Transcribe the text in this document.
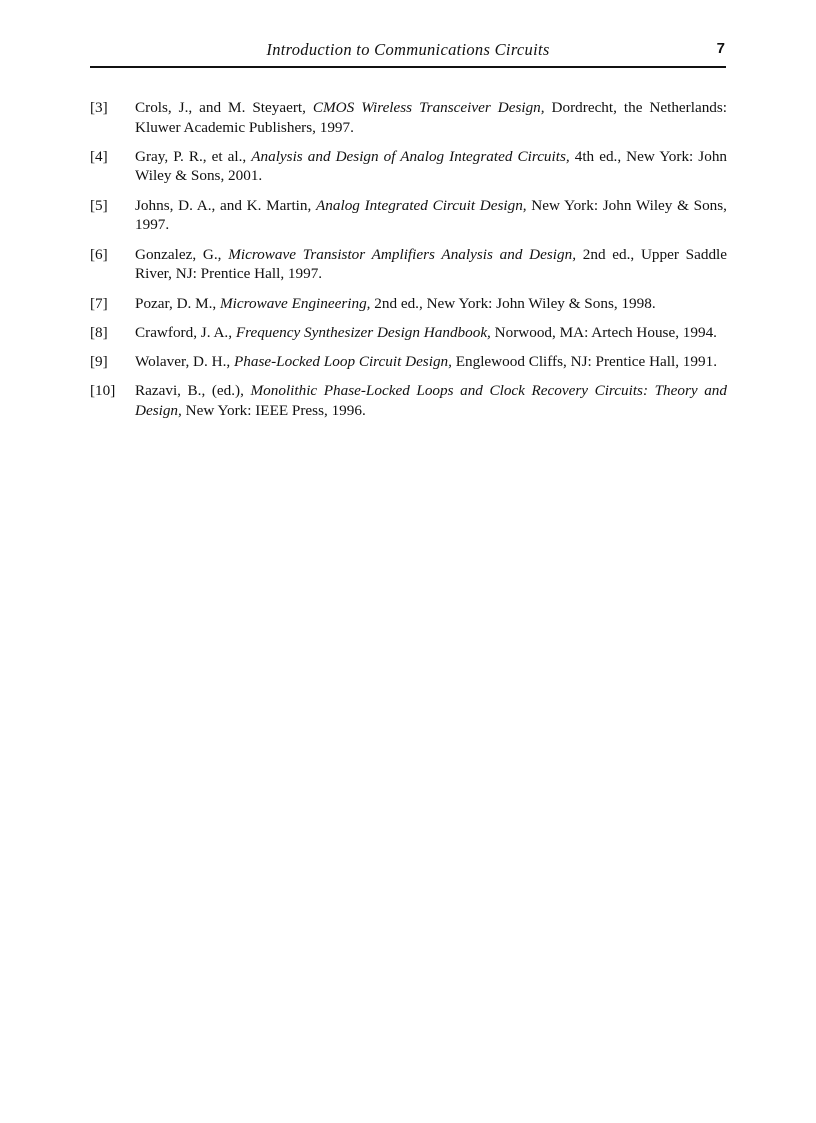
Introduction to Communications Circuits	7
[3]	Crols, J., and M. Steyaert, CMOS Wireless Transceiver Design, Dordrecht, the Netherlands: Kluwer Academic Publishers, 1997.
[4]	Gray, P. R., et al., Analysis and Design of Analog Integrated Circuits, 4th ed., New York: John Wiley & Sons, 2001.
[5]	Johns, D. A., and K. Martin, Analog Integrated Circuit Design, New York: John Wiley & Sons, 1997.
[6]	Gonzalez, G., Microwave Transistor Amplifiers Analysis and Design, 2nd ed., Upper Saddle River, NJ: Prentice Hall, 1997.
[7]	Pozar, D. M., Microwave Engineering, 2nd ed., New York: John Wiley & Sons, 1998.
[8]	Crawford, J. A., Frequency Synthesizer Design Handbook, Norwood, MA: Artech House, 1994.
[9]	Wolaver, D. H., Phase-Locked Loop Circuit Design, Englewood Cliffs, NJ: Prentice Hall, 1991.
[10]	Razavi, B., (ed.), Monolithic Phase-Locked Loops and Clock Recovery Circuits: Theory and Design, New York: IEEE Press, 1996.
